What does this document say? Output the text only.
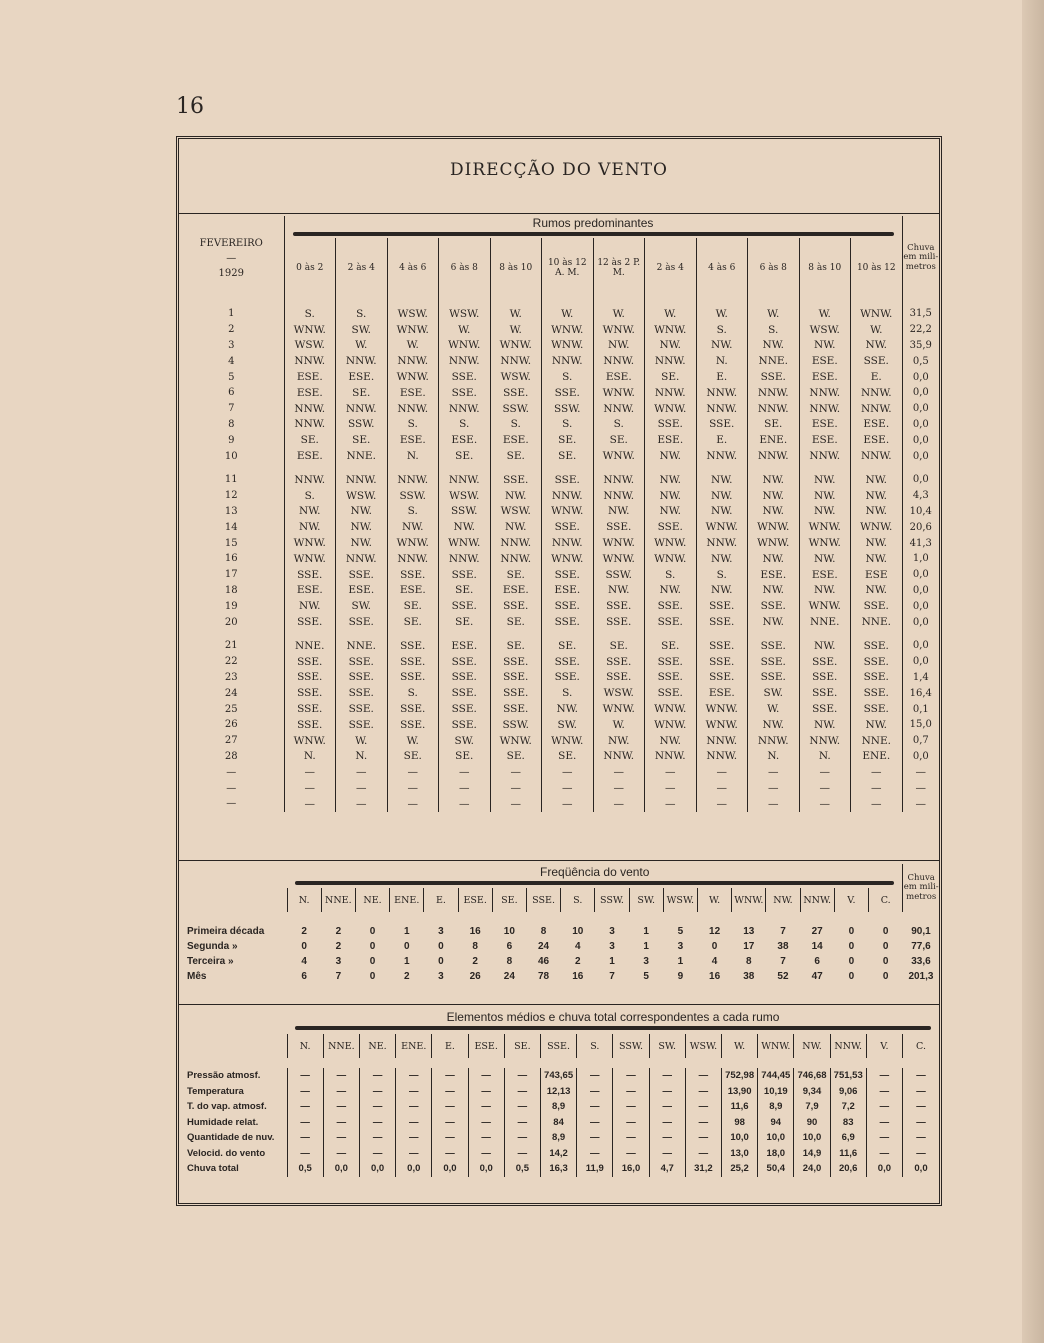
16
DIRECÇÃO DO VENTO
FEVEREIRO
—
1929	Rumos predominantes												Chuva em mili-metros
	0 às 2	2 às 4	4 às 6	6 às 8	8 às 10	10 às 12 A. M.	12 às 2 P. M.	2 às 4	4 às 6	6 às 8	8 às 10	10 às 12	
1	S.	S.	WSW.	WSW.	W.	W.	W.	W.	W.	W.	W.	WNW.	31,5
2	WNW.	SW.	WNW.	W.	W.	WNW.	WNW.	WNW.	S.	S.	WSW.	W.	22,2
3	WSW.	W.	W.	WNW.	WNW.	WNW.	NW.	NW.	NW.	NW.	NW.	NW.	35,9
4	NNW.	NNW.	NNW.	NNW.	NNW.	NNW.	NNW.	NNW.	N.	NNE.	ESE.	SSE.	0,5
5	ESE.	ESE.	WNW.	SSE.	WSW.	S.	ESE.	SE.	E.	SSE.	ESE.	E.	0,0
6	ESE.	SE.	ESE.	SSE.	SSE.	SSE.	WNW.	NNW.	NNW.	NNW.	NNW.	NNW.	0,0
7	NNW.	NNW.	NNW.	NNW.	SSW.	SSW.	NNW.	WNW.	NNW.	NNW.	NNW.	NNW.	0,0
8	NNW.	SSW.	S.	S.	S.	S.	S.	SSE.	SSE.	SE.	ESE.	ESE.	0,0
9	SE.	SE.	ESE.	ESE.	ESE.	SE.	SE.	ESE.	E.	ENE.	ESE.	ESE.	0,0
10	ESE.	NNE.	N.	SE.	SE.	SE.	WNW.	NW.	NNW.	NNW.	NNW.	NNW.	0,0

11	NNW.	NNW.	NNW.	NNW.	SSE.	SSE.	NNW.	NW.	NW.	NW.	NW.	NW.	0,0
12	S.	WSW.	SSW.	WSW.	NW.	NNW.	NNW.	NW.	NW.	NW.	NW.	NW.	4,3
13	NW.	NW.	S.	SSW.	WSW.	WNW.	NW.	NW.	NW.	NW.	NW.	NW.	10,4
14	NW.	NW.	NW.	NW.	NW.	SSE.	SSE.	SSE.	WNW.	WNW.	WNW.	WNW.	20,6
15	WNW.	NW.	WNW.	WNW.	NNW.	NNW.	WNW.	WNW.	NNW.	WNW.	WNW.	NW.	41,3
16	WNW.	NNW.	NNW.	NNW.	NNW.	WNW.	WNW.	WNW.	NW.	NW.	NW.	NW.	1,0
17	SSE.	SSE.	SSE.	SSE.	SE.	SSE.	SSW.	S.	S.	ESE.	ESE.	ESE	0,0
18	ESE.	ESE.	ESE.	SE.	ESE.	ESE.	NW.	NW.	NW.	NW.	NW.	NW.	0,0
19	NW.	SW.	SE.	SSE.	SSE.	SSE.	SSE.	SSE.	SSE.	SSE.	WNW.	SSE.	0,0
20	SSE.	SSE.	SE.	SE.	SE.	SSE.	SSE.	SSE.	SSE.	NW.	NNE.	NNE.	0,0

21	NNE.	NNE.	SSE.	ESE.	SE.	SE.	SE.	SE.	SSE.	SSE.	NW.	SSE.	0,0
22	SSE.	SSE.	SSE.	SSE.	SSE.	SSE.	SSE.	SSE.	SSE.	SSE.	SSE.	SSE.	0,0
23	SSE.	SSE.	SSE.	SSE.	SSE.	SSE.	SSE.	SSE.	SSE.	SSE.	SSE.	SSE.	1,4
24	SSE.	SSE.	S.	SSE.	SSE.	S.	WSW.	SSE.	ESE.	SW.	SSE.	SSE.	16,4
25	SSE.	SSE.	SSE.	SSE.	SSE.	NW.	WNW.	WNW.	WNW.	W.	SSE.	SSE.	0,1
26	SSE.	SSE.	SSE.	SSE.	SSW.	SW.	W.	WNW.	WNW.	NW.	NW.	NW.	15,0
27	WNW.	W.	W.	SW.	WNW.	WNW.	NW.	NW.	NNW.	NNW.	NNW.	NNE.	0,7
28	N.	N.	SE.	SE.	SE.	SE.	NNW.	NNW.	NNW.	N.	N.	ENE.	0,0
—	—	—	—	—	—	—	—	—	—	—	—	—	—
—	—	—	—	—	—	—	—	—	—	—	—	—	—
—	—	—	—	—	—	—	—	—	—	—	—	—	—

	Freqüência do vento																		Chuva em mili-metros
	N.	NNE.	NE.	ENE.	E.	ESE.	SE.	SSE.	S.	SSW.	SW.	WSW.	W.	WNW.	NW.	NNW.	V.	C.	

Primeira década	2	2	0	1	3	16	10	8	10	3	1	5	12	13	7	27	0	0	90,1
Segunda »	0	2	0	0	0	8	6	24	4	3	1	3	0	17	38	14	0	0	77,6
Terceira »	4	3	0	1	0	2	8	46	2	1	3	1	4	8	7	6	0	0	33,6
Mês	6	7	0	2	3	26	24	78	16	7	5	9	16	38	52	47	0	0	201,3

	Elementos médios e chuva total correspondentes a cada rumo																	

	N.	NNE.	NE.	ENE.	E.	ESE.	SE.	SSE.	S.	SSW.	SW.	WSW.	W.	WNW.	NW.	NNW.	V.	C.

Pressão atmosf.	—	—	—	—	—	—	—	743,65	—	—	—	—	752,98	744,45	746,68	751,53	—	—
Temperatura	—	—	—	—	—	—	—	12,13	—	—	—	—	13,90	10,19	9,34	9,06	—	—
T. do vap. atmosf.	—	—	—	—	—	—	—	8,9	—	—	—	—	11,6	8,9	7,9	7,2	—	—
Humidade relat.	—	—	—	—	—	—	—	84	—	—	—	—	98	94	90	83	—	—
Quantidade de nuv.	—	—	—	—	—	—	—	8,9	—	—	—	—	10,0	10,0	10,0	6,9	—	—
Velocid. do vento	—	—	—	—	—	—	—	14,2	—	—	—	—	13,0	18,0	14,9	11,6	—	—
Chuva total	0,5	0,0	0,0	0,0	0,0	0,0	0,5	16,3	11,9	16,0	4,7	31,2	25,2	50,4	24,0	20,6	0,0	0,0
